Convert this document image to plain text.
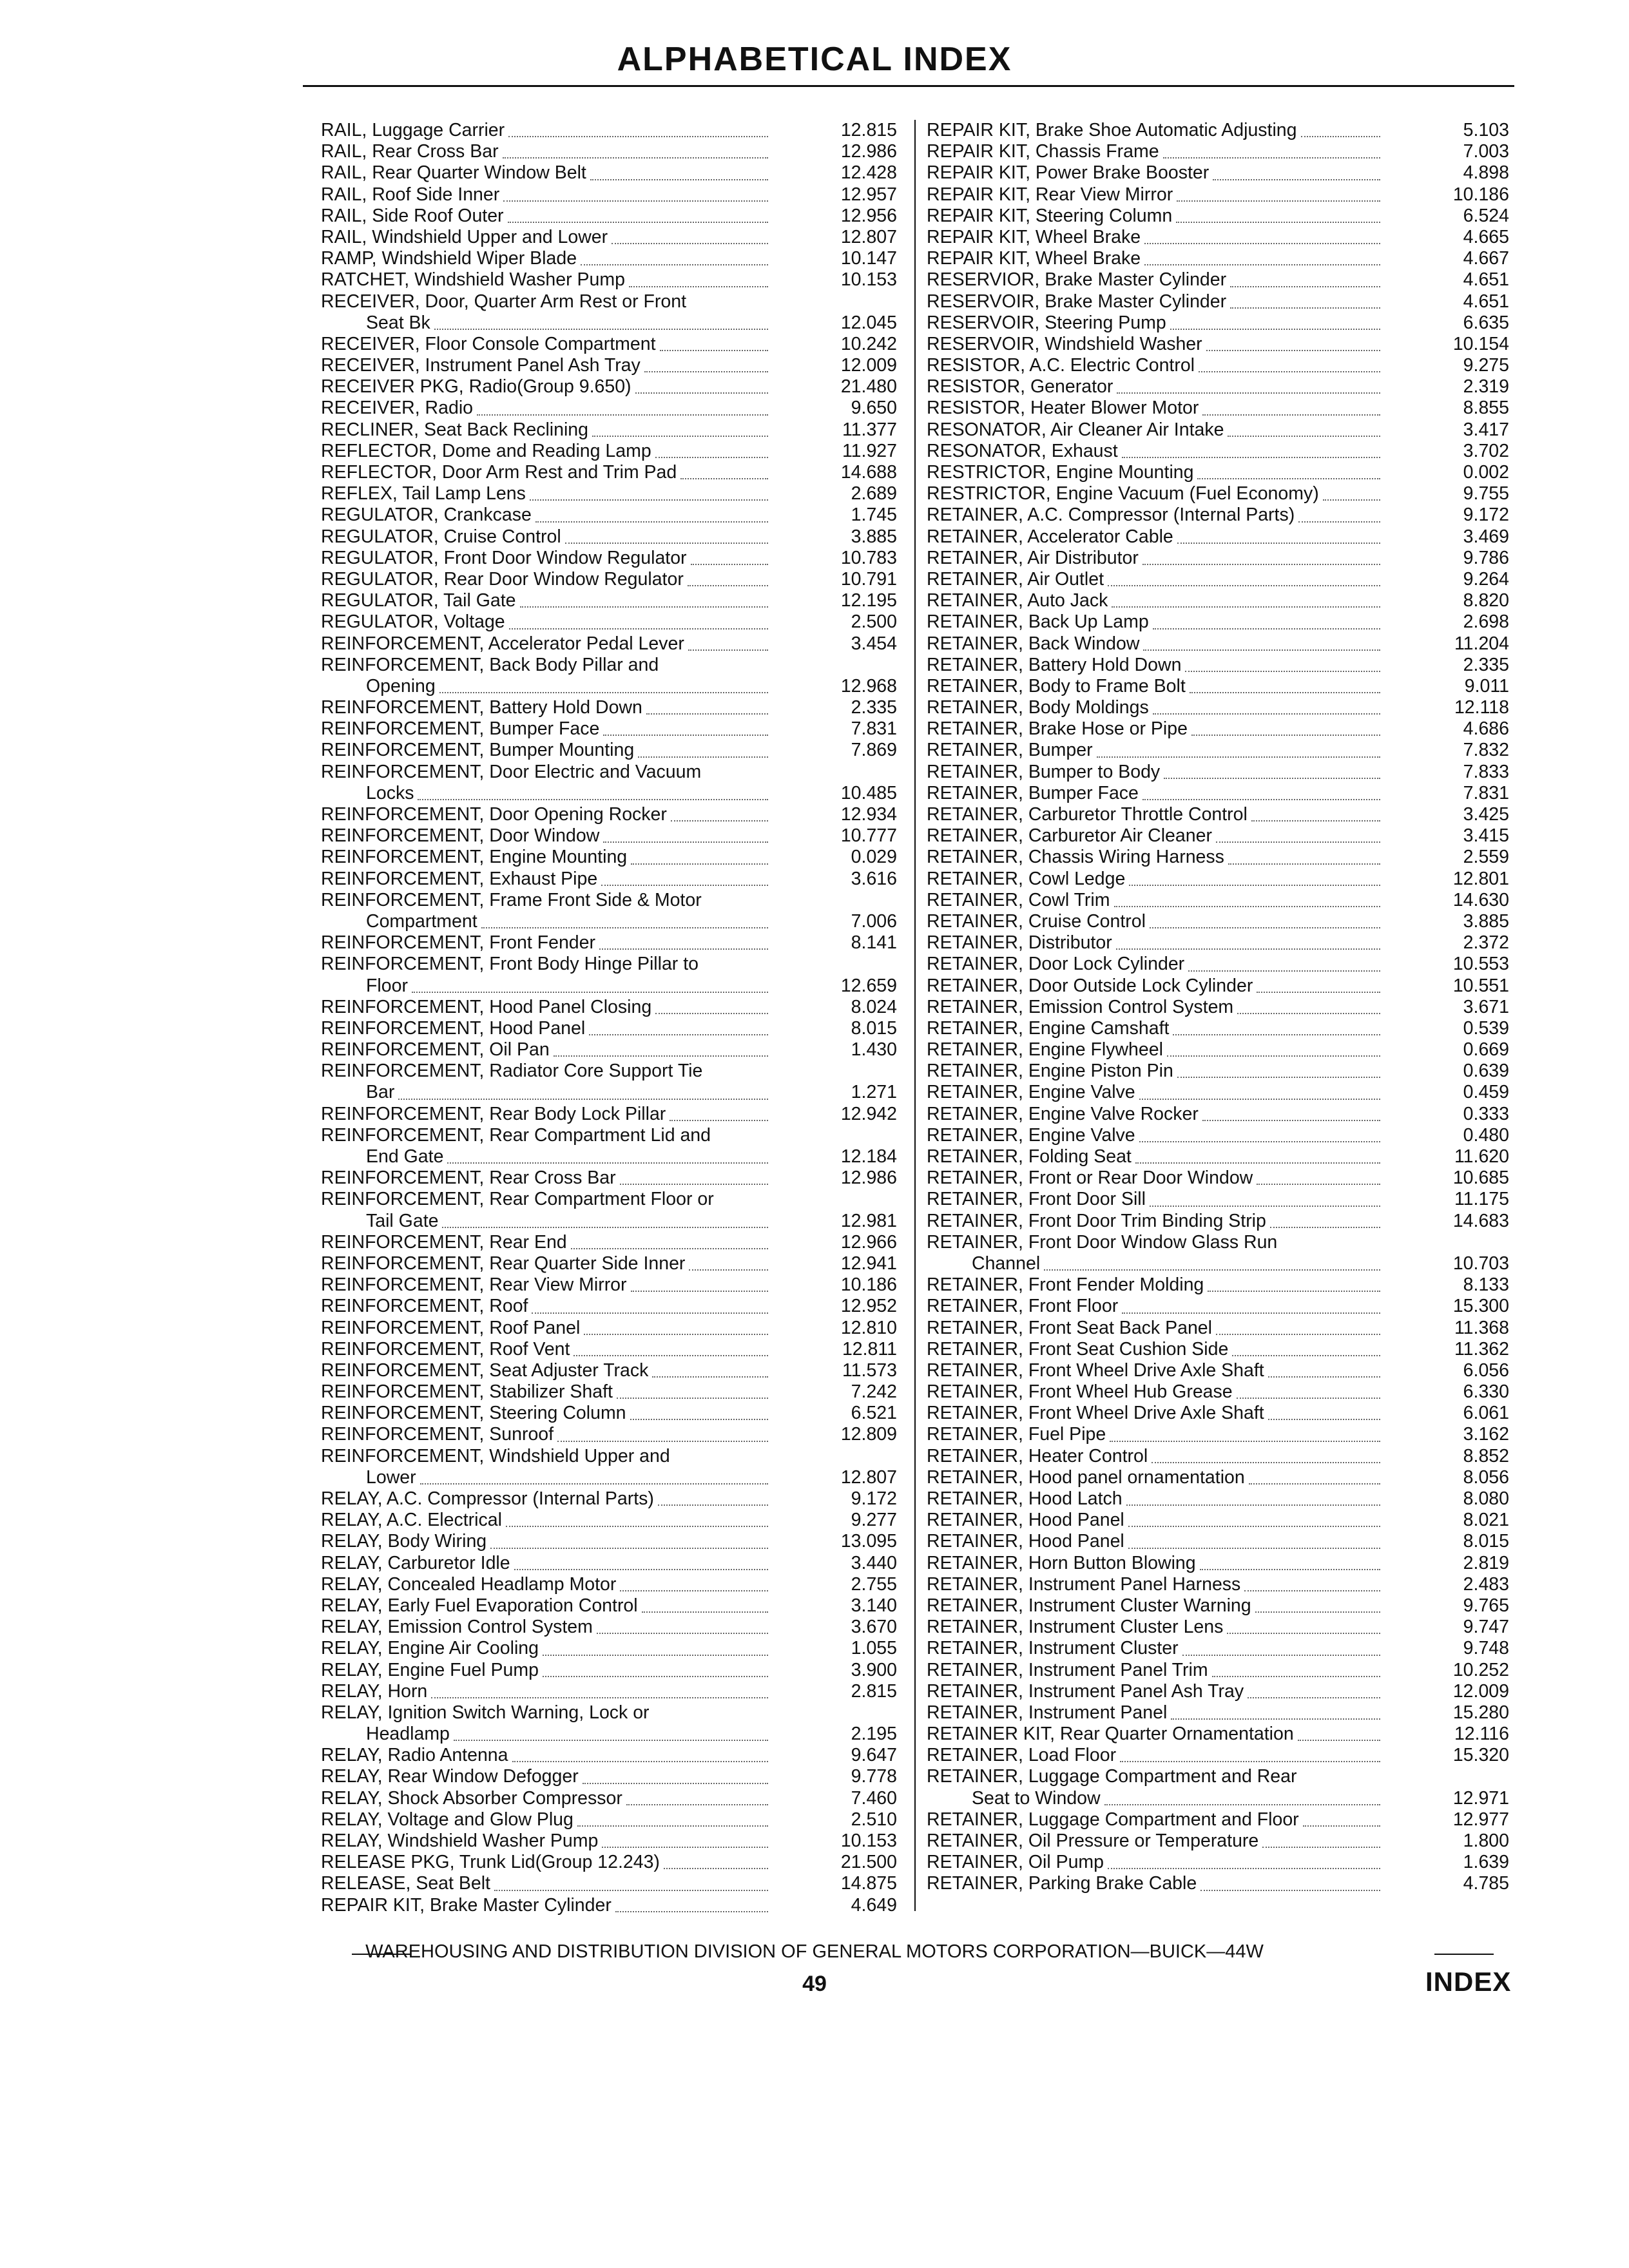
ALPHABETICAL INDEX
RAIL, Luggage Carrier	12.815
RAIL, Rear Cross Bar	12.986
RAIL, Rear Quarter Window Belt	12.428
RAIL, Roof Side Inner	12.957
RAIL, Side Roof Outer	12.956
RAIL, Windshield Upper and Lower	12.807
RAMP, Windshield Wiper Blade	10.147
RATCHET, Windshield Washer Pump	10.153
RECEIVER, Door, Quarter Arm Rest or Front
Seat Bk	12.045
RECEIVER, Floor Console Compartment	10.242
RECEIVER, Instrument Panel Ash Tray	12.009
RECEIVER PKG, Radio(Group 9.650)	21.480
RECEIVER, Radio	9.650
RECLINER, Seat Back Reclining	11.377
REFLECTOR, Dome and Reading Lamp	11.927
REFLECTOR, Door Arm Rest and Trim Pad	14.688
REFLEX, Tail Lamp Lens	2.689
REGULATOR, Crankcase	1.745
REGULATOR, Cruise Control	3.885
REGULATOR, Front Door Window Regulator	10.783
REGULATOR, Rear Door Window Regulator	10.791
REGULATOR, Tail Gate	12.195
REGULATOR, Voltage	2.500
REINFORCEMENT, Accelerator Pedal Lever	3.454
REINFORCEMENT, Back Body Pillar and
Opening	12.968
REINFORCEMENT, Battery Hold Down	2.335
REINFORCEMENT, Bumper Face	7.831
REINFORCEMENT, Bumper Mounting	7.869
REINFORCEMENT, Door Electric and Vacuum
Locks	10.485
REINFORCEMENT, Door Opening Rocker	12.934
REINFORCEMENT, Door Window	10.777
REINFORCEMENT, Engine Mounting	0.029
REINFORCEMENT, Exhaust Pipe	3.616
REINFORCEMENT, Frame Front Side & Motor
Compartment	7.006
REINFORCEMENT, Front Fender	8.141
REINFORCEMENT, Front Body Hinge Pillar to
Floor	12.659
REINFORCEMENT, Hood Panel Closing	8.024
REINFORCEMENT, Hood Panel	8.015
REINFORCEMENT, Oil Pan	1.430
REINFORCEMENT, Radiator Core Support Tie
Bar	1.271
REINFORCEMENT, Rear Body Lock Pillar	12.942
REINFORCEMENT, Rear Compartment Lid and
End Gate	12.184
REINFORCEMENT, Rear Cross Bar	12.986
REINFORCEMENT, Rear Compartment Floor or
Tail Gate	12.981
REINFORCEMENT, Rear End	12.966
REINFORCEMENT, Rear Quarter Side Inner	12.941
REINFORCEMENT, Rear View Mirror	10.186
REINFORCEMENT, Roof	12.952
REINFORCEMENT, Roof Panel	12.810
REINFORCEMENT, Roof Vent	12.811
REINFORCEMENT, Seat Adjuster Track	11.573
REINFORCEMENT, Stabilizer Shaft	7.242
REINFORCEMENT, Steering Column	6.521
REINFORCEMENT, Sunroof	12.809
REINFORCEMENT, Windshield Upper and
Lower	12.807
RELAY, A.C. Compressor (Internal Parts)	9.172
RELAY, A.C. Electrical	9.277
RELAY, Body Wiring	13.095
RELAY, Carburetor Idle	3.440
RELAY, Concealed Headlamp Motor	2.755
RELAY, Early Fuel Evaporation Control	3.140
RELAY, Emission Control System	3.670
RELAY, Engine Air Cooling	1.055
RELAY, Engine Fuel Pump	3.900
RELAY, Horn	2.815
RELAY, Ignition Switch Warning, Lock or
Headlamp	2.195
RELAY, Radio Antenna	9.647
RELAY, Rear Window Defogger	9.778
RELAY, Shock Absorber Compressor	7.460
RELAY, Voltage and Glow Plug	2.510
RELAY, Windshield Washer Pump	10.153
RELEASE PKG, Trunk Lid(Group 12.243)	21.500
RELEASE, Seat Belt	14.875
REPAIR KIT, Brake Master Cylinder	4.649
REPAIR KIT, Brake Shoe Automatic Adjusting	5.103
REPAIR KIT, Chassis Frame	7.003
REPAIR KIT, Power Brake Booster	4.898
REPAIR KIT, Rear View Mirror	10.186
REPAIR KIT, Steering Column	6.524
REPAIR KIT, Wheel Brake	4.665
REPAIR KIT, Wheel Brake	4.667
RESERVIOR, Brake Master Cylinder	4.651
RESERVOIR, Brake Master Cylinder	4.651
RESERVOIR, Steering Pump	6.635
RESERVOIR, Windshield Washer	10.154
RESISTOR, A.C. Electric Control	9.275
RESISTOR, Generator	2.319
RESISTOR, Heater Blower Motor	8.855
RESONATOR, Air Cleaner Air Intake	3.417
RESONATOR, Exhaust	3.702
RESTRICTOR, Engine Mounting	0.002
RESTRICTOR, Engine Vacuum (Fuel Economy)	9.755
RETAINER, A.C. Compressor (Internal Parts)	9.172
RETAINER, Accelerator Cable	3.469
RETAINER, Air Distributor	9.786
RETAINER, Air Outlet	9.264
RETAINER, Auto Jack	8.820
RETAINER, Back Up Lamp	2.698
RETAINER, Back Window	11.204
RETAINER, Battery Hold Down	2.335
RETAINER, Body to Frame Bolt	9.011
RETAINER, Body Moldings	12.118
RETAINER, Brake Hose or Pipe	4.686
RETAINER, Bumper	7.832
RETAINER, Bumper to Body	7.833
RETAINER, Bumper Face	7.831
RETAINER, Carburetor Throttle Control	3.425
RETAINER, Carburetor Air Cleaner	3.415
RETAINER, Chassis Wiring Harness	2.559
RETAINER, Cowl Ledge	12.801
RETAINER, Cowl Trim	14.630
RETAINER, Cruise Control	3.885
RETAINER, Distributor	2.372
RETAINER, Door Lock Cylinder	10.553
RETAINER, Door Outside Lock Cylinder	10.551
RETAINER, Emission Control System	3.671
RETAINER, Engine Camshaft	0.539
RETAINER, Engine Flywheel	0.669
RETAINER, Engine Piston Pin	0.639
RETAINER, Engine Valve	0.459
RETAINER, Engine Valve Rocker	0.333
RETAINER, Engine Valve	0.480
RETAINER, Folding Seat	11.620
RETAINER, Front or Rear Door Window	10.685
RETAINER, Front Door Sill	11.175
RETAINER, Front Door Trim Binding Strip	14.683
RETAINER, Front Door Window Glass Run
Channel	10.703
RETAINER, Front Fender Molding	8.133
RETAINER, Front Floor	15.300
RETAINER, Front Seat Back Panel	11.368
RETAINER, Front Seat Cushion Side	11.362
RETAINER, Front Wheel Drive Axle Shaft	6.056
RETAINER, Front Wheel Hub Grease	6.330
RETAINER, Front Wheel Drive Axle Shaft	6.061
RETAINER, Fuel Pipe	3.162
RETAINER, Heater Control	8.852
RETAINER, Hood panel ornamentation	8.056
RETAINER, Hood Latch	8.080
RETAINER, Hood Panel	8.021
RETAINER, Hood Panel	8.015
RETAINER, Horn Button Blowing	2.819
RETAINER, Instrument Panel Harness	2.483
RETAINER, Instrument Cluster Warning	9.765
RETAINER, Instrument Cluster Lens	9.747
RETAINER, Instrument Cluster	9.748
RETAINER, Instrument Panel Trim	10.252
RETAINER, Instrument Panel Ash Tray	12.009
RETAINER, Instrument Panel	15.280
RETAINER KIT, Rear Quarter Ornamentation	12.116
RETAINER, Load Floor	15.320
RETAINER, Luggage Compartment and Rear
Seat to Window	12.971
RETAINER, Luggage Compartment and Floor	12.977
RETAINER, Oil Pressure or Temperature	1.800
RETAINER, Oil Pump	1.639
RETAINER, Parking Brake Cable	4.785
WAREHOUSING AND DISTRIBUTION DIVISION OF GENERAL MOTORS CORPORATION—BUICK—44W
49	INDEX
